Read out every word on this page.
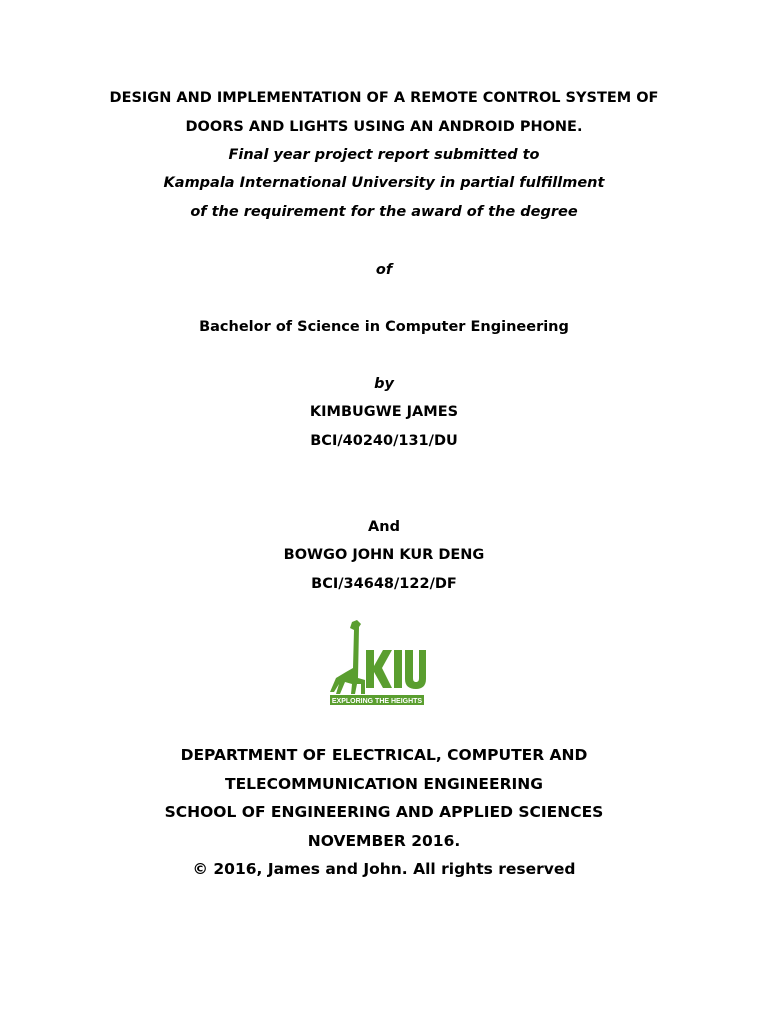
DESIGN AND IMPLEMENTATION OF A REMOTE CONTROL SYSTEM OF
DOORS AND LIGHTS USING AN ANDROID PHONE.
Final year project report submitted to
Kampala International University in partial fulfillment
of the requirement for the award of the degree
of
Bachelor of Science in Computer Engineering
by
KIMBUGWE JAMES
BCI/40240/131/DU
And
BOWGO JOHN KUR DENG
BCI/34648/122/DF
EXPLORING THE HEIGHTS
DEPARTMENT OF ELECTRICAL, COMPUTER AND
TELECOMMUNICATION ENGINEERING
SCHOOL OF ENGINEERING AND APPLIED SCIENCES
NOVEMBER 2016.
© 2016, James and John. All rights reserved
